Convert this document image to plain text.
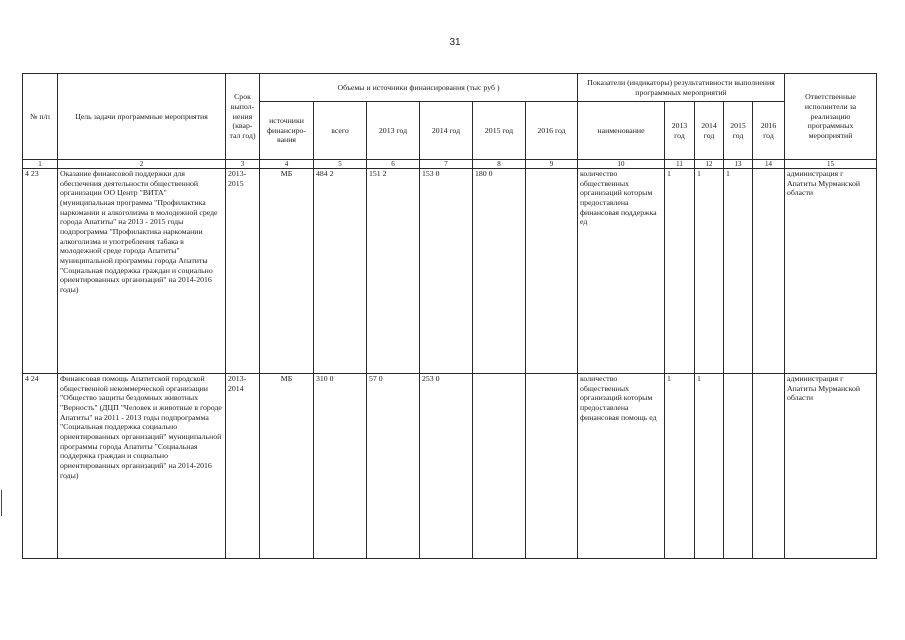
31
№ п/п	Цель задачи программные мероприятия	Срок выпол-нения (квар-тал год)	Объемы и источники финансирования (тыс руб )						Показатели (индикаторы) результативности выполнения программных мероприятий					Ответственные исполнители за реализацию программных мероприятий
			источники финансиро-вания	всего	2013 год	2014 год	2015 год	2016 год	наименование	2013 год	2014 год	2015 год	2016 год	
1	2	3	4	5	6	7	8	9	10	11	12	13	14	15
4 23	Оказание финансовой поддержки для обеспечения деятельности общественной организации ОО Центр "ВИТА" (муниципальная программа "Профилактика наркомании и алкоголизма в молодежной среде города Апатиты" на 2013 - 2015 годы подпрограмма "Профилактика наркомании алкоголизма и употребления табака в молодежной среде города Апатиты" муниципальной программы города Апатиты "Социальная поддержка граждан и социально ориентированных организаций" на 2014-2016 годы)	2013-2015	МБ	484 2	151 2	153 0	180 0		количество общественных организаций которым предоставлена финансовая поддержка ед	1	1	1		администрация г Апатиты Мурманской области
4 24	Финансовая помощь Апатитской городской общественной некоммерческой организации "Общество защиты бездомных животных "Верность" (ДЦП "Человек и животные в городе Апатиты" на 2011 - 2013 годы подпрограмма "Социальная поддержка социально ориентированных организаций" муниципальной программы города Апатиты "Социальная поддержка граждан и социально ориентированных организаций" на 2014-2016 годы)	2013-2014	МБ	310 0	57 0	253 0			количество общественных организаций которым предоставлена финансовая помощь ед	1	1			администрация г Апатиты Мурманской области
